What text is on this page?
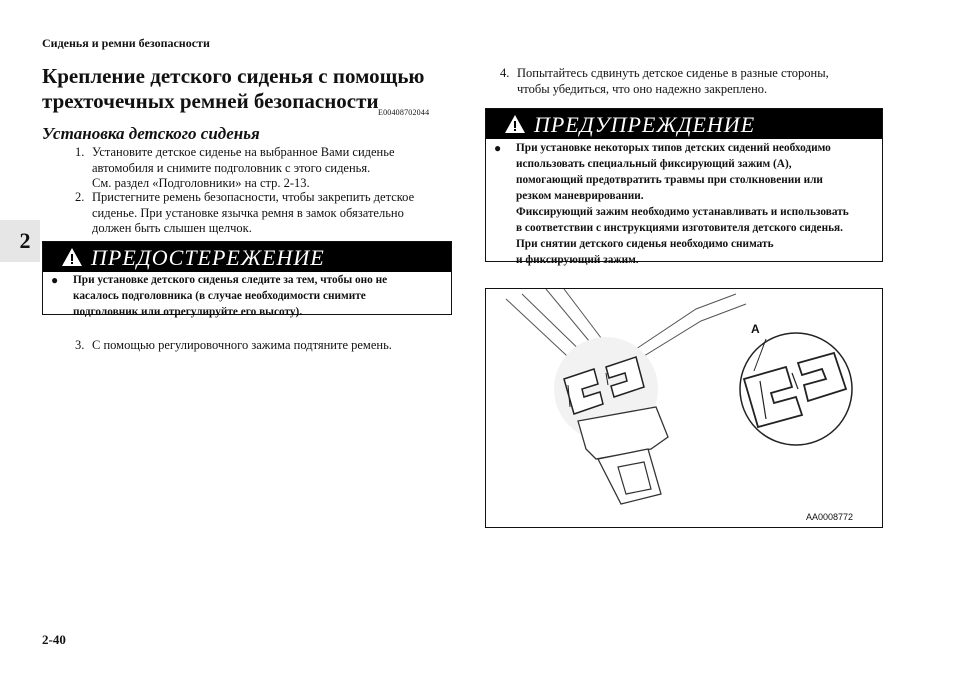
Сиденья и ремни безопасности
2
Крепление детского сиденья с помощью
трехточечных ремней безопасности E00408702044
Установка детского сиденья
1. Установите детское сиденье на выбранное Вами сиденье
автомобиля и снимите подголовник с этого сиденья.
См. раздел «Подголовники» на стр. 2-13.
2. Пристегните ремень безопасности, чтобы закрепить детское
сиденье. При установке язычка ремня в замок обязательно
должен быть слышен щелчок.
ПРЕДОСТЕРЕЖЕНИЕ
● При установке детского сиденья следите за тем, чтобы оно не
касалось подголовника (в случае необходимости снимите
подголовник или отрегулируйте его высоту).
3. С помощью регулировочного зажима подтяните ремень.
4. Попытайтесь сдвинуть детское сиденье в разные стороны,
чтобы убедиться, что оно надежно закреплено.
ПРЕДУПРЕЖДЕНИЕ
● При установке некоторых типов детских сидений необходимо
использовать специальный фиксирующий зажим (А),
помогающий предотвратить травмы при столкновении или
резком маневрировании.
Фиксирующий зажим необходимо устанавливать и использовать
в соответствии с инструкциями изготовителя детского сиденья.
При снятии детского сиденья необходимо снимать
и фиксирующий зажим.
A
AA0008772
2-40
